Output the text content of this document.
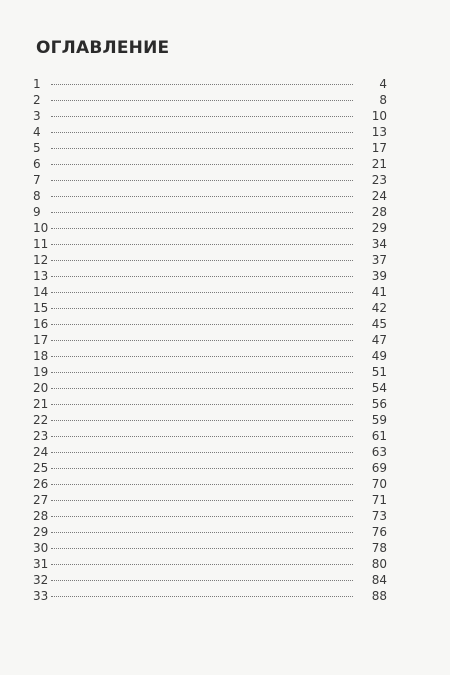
ОГЛАВЛЕНИЕ
1	4
2	8
3	10
4	13
5	17
6	21
7	23
8	24
9	28
10	29
11	34
12	37
13	39
14	41
15	42
16	45
17	47
18	49
19	51
20	54
21	56
22	59
23	61
24	63
25	69
26	70
27	71
28	73
29	76
30	78
31	80
32	84
33	88
